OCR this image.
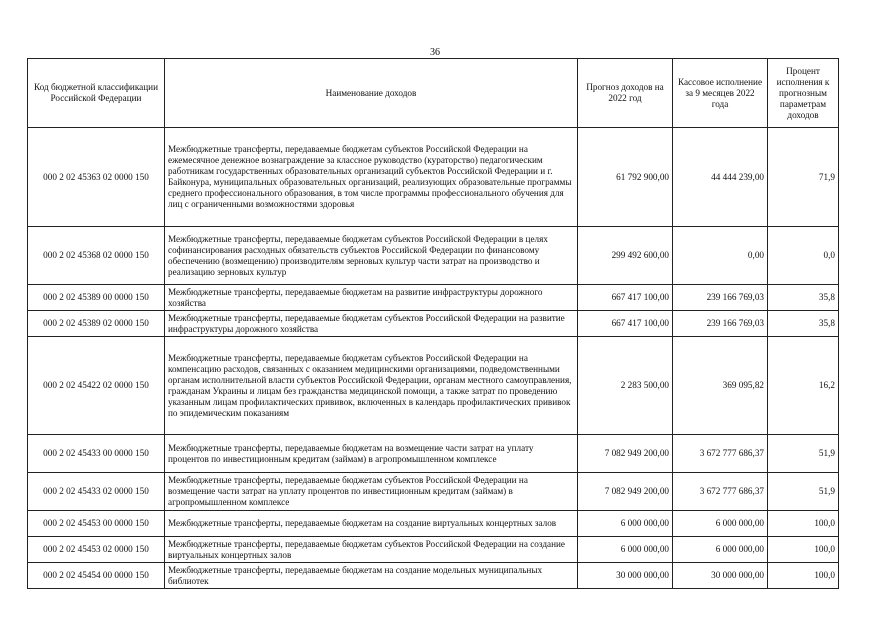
36
Код бюджетной классификации Российской Федерации	Наименование доходов	Прогноз доходов на 2022 год	Кассовое исполнение за 9 месяцев 2022 года	Процент исполнения к прогнозным параметрам доходов
000 2 02 45363 02 0000 150	Межбюджетные трансферты, передаваемые бюджетам субъектов Российской Федерации на ежемесячное денежное вознаграждение за классное руководство (кураторство) педагогическим работникам государственных образовательных организаций субъектов Российской Федерации и г. Байконура, муниципальных образовательных организаций, реализующих образовательные программы среднего профессионального образования, в том числе программы профессионального обучения для лиц с ограниченными возможностями здоровья	61 792 900,00	44 444 239,00	71,9
000 2 02 45368 02 0000 150	Межбюджетные трансферты, передаваемые бюджетам субъектов Российской Федерации в целях софинансирования расходных обязательств субъектов Российской Федерации по финансовому обеспечению (возмещению) производителям зерновых культур части затрат на производство и реализацию зерновых культур	299 492 600,00	0,00	0,0
000 2 02 45389 00 0000 150	Межбюджетные трансферты, передаваемые бюджетам на развитие инфраструктуры дорожного хозяйства	667 417 100,00	239 166 769,03	35,8
000 2 02 45389 02 0000 150	Межбюджетные трансферты, передаваемые бюджетам субъектов Российской Федерации на развитие инфраструктуры дорожного хозяйства	667 417 100,00	239 166 769,03	35,8
000 2 02 45422 02 0000 150	Межбюджетные трансферты, передаваемые бюджетам субъектов Российской Федерации на компенсацию расходов, связанных с оказанием медицинскими организациями, подведомственными органам исполнительной власти субъектов Российской Федерации, органам местного самоуправления, гражданам Украины и лицам без гражданства медицинской помощи, а также затрат по проведению указанным лицам профилактических прививок, включенных в календарь профилактических прививок по эпидемическим показаниям	2 283 500,00	369 095,82	16,2
000 2 02 45433 00 0000 150	Межбюджетные трансферты, передаваемые бюджетам на возмещение части затрат на уплату процентов по инвестиционным кредитам (займам) в агропромышленном комплексе	7 082 949 200,00	3 672 777 686,37	51,9
000 2 02 45433 02 0000 150	Межбюджетные трансферты, передаваемые бюджетам субъектов Российской Федерации на возмещение части затрат на уплату процентов по инвестиционным кредитам (займам) в агропромышленном комплексе	7 082 949 200,00	3 672 777 686,37	51,9
000 2 02 45453 00 0000 150	Межбюджетные трансферты, передаваемые бюджетам на создание виртуальных концертных залов	6 000 000,00	6 000 000,00	100,0
000 2 02 45453 02 0000 150	Межбюджетные трансферты, передаваемые бюджетам субъектов Российской Федерации на создание виртуальных концертных залов	6 000 000,00	6 000 000,00	100,0
000 2 02 45454 00 0000 150	Межбюджетные трансферты, передаваемые бюджетам на создание модельных муниципальных библиотек	30 000 000,00	30 000 000,00	100,0
